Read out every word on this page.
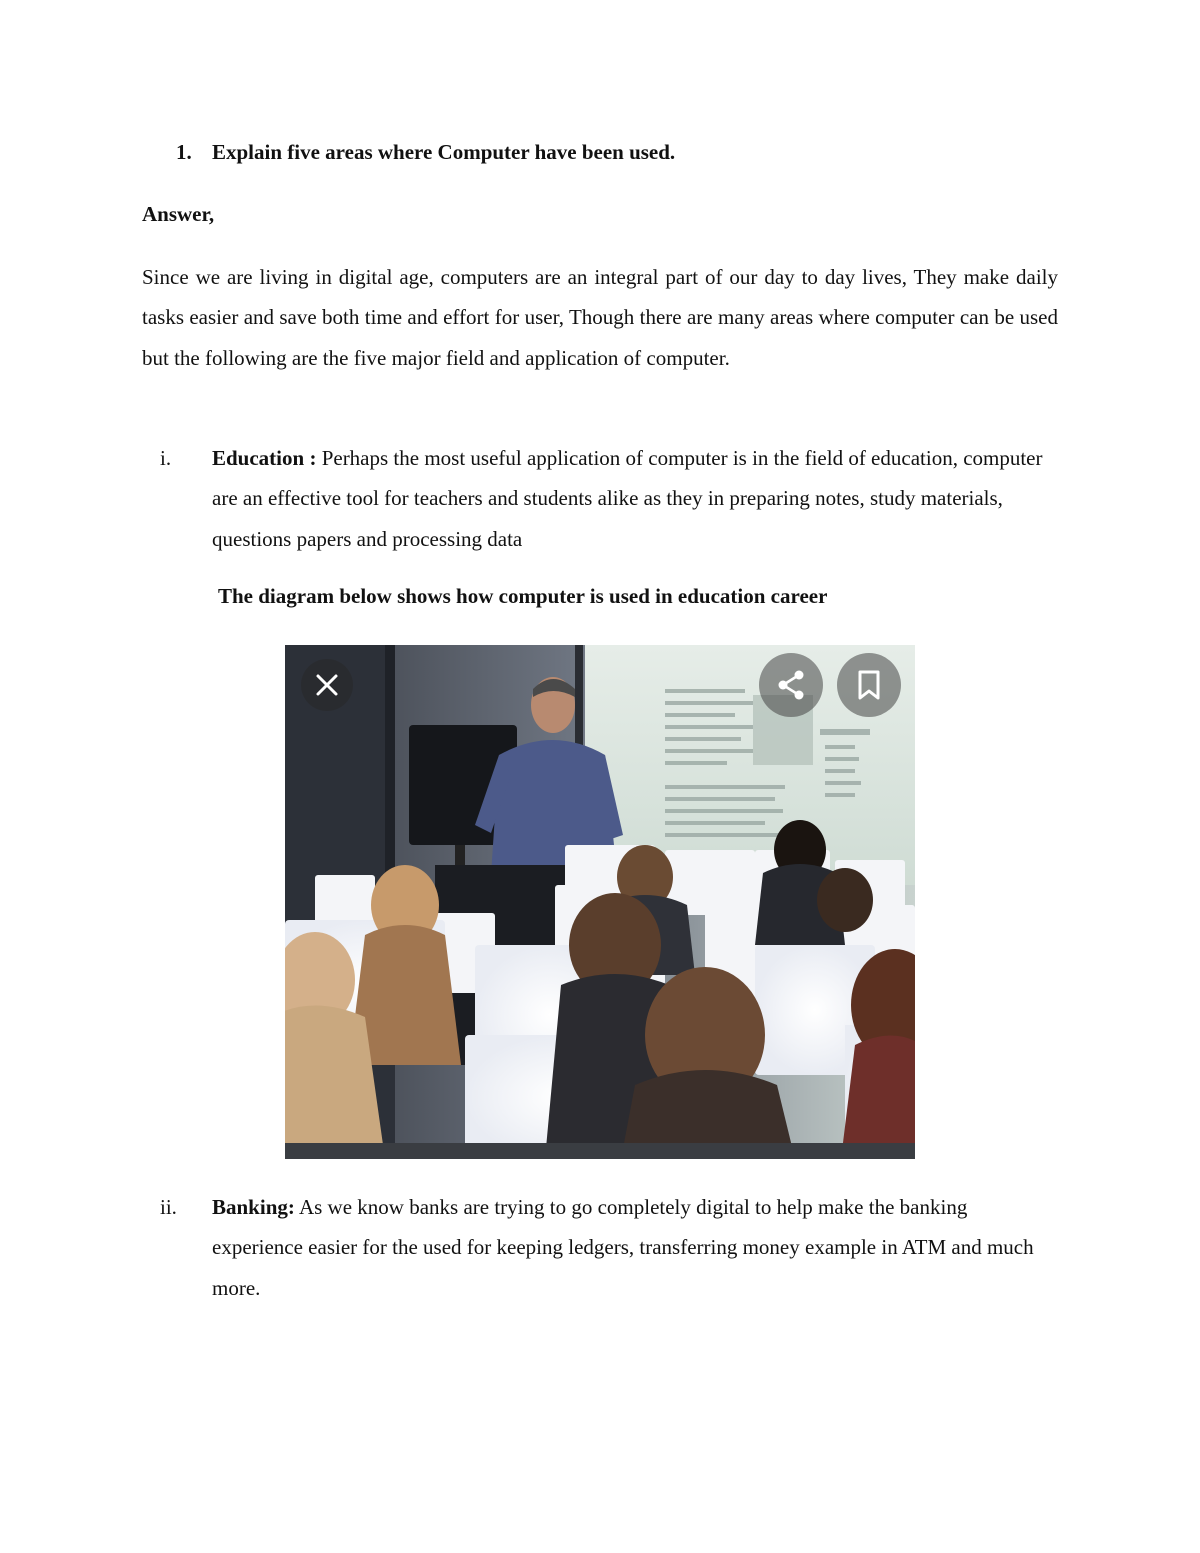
1. Explain five areas where Computer have been used.
Answer,

Since we are living in digital age, computers are an integral part of our day to day lives, They make daily tasks easier and save both time and effort for user, Though there are many areas where computer can be used but the following are the five major field and application of computer.

i. Education : Perhaps the most useful application of computer is in the field of education, computer are an effective tool for teachers and students alike as they in preparing notes, study materials, questions papers and processing data

The diagram below shows how computer is used in education career

ii. Banking: As we know banks are trying to go completely digital to help make the banking experience easier for the used for keeping ledgers, transferring money example in ATM and much more.
